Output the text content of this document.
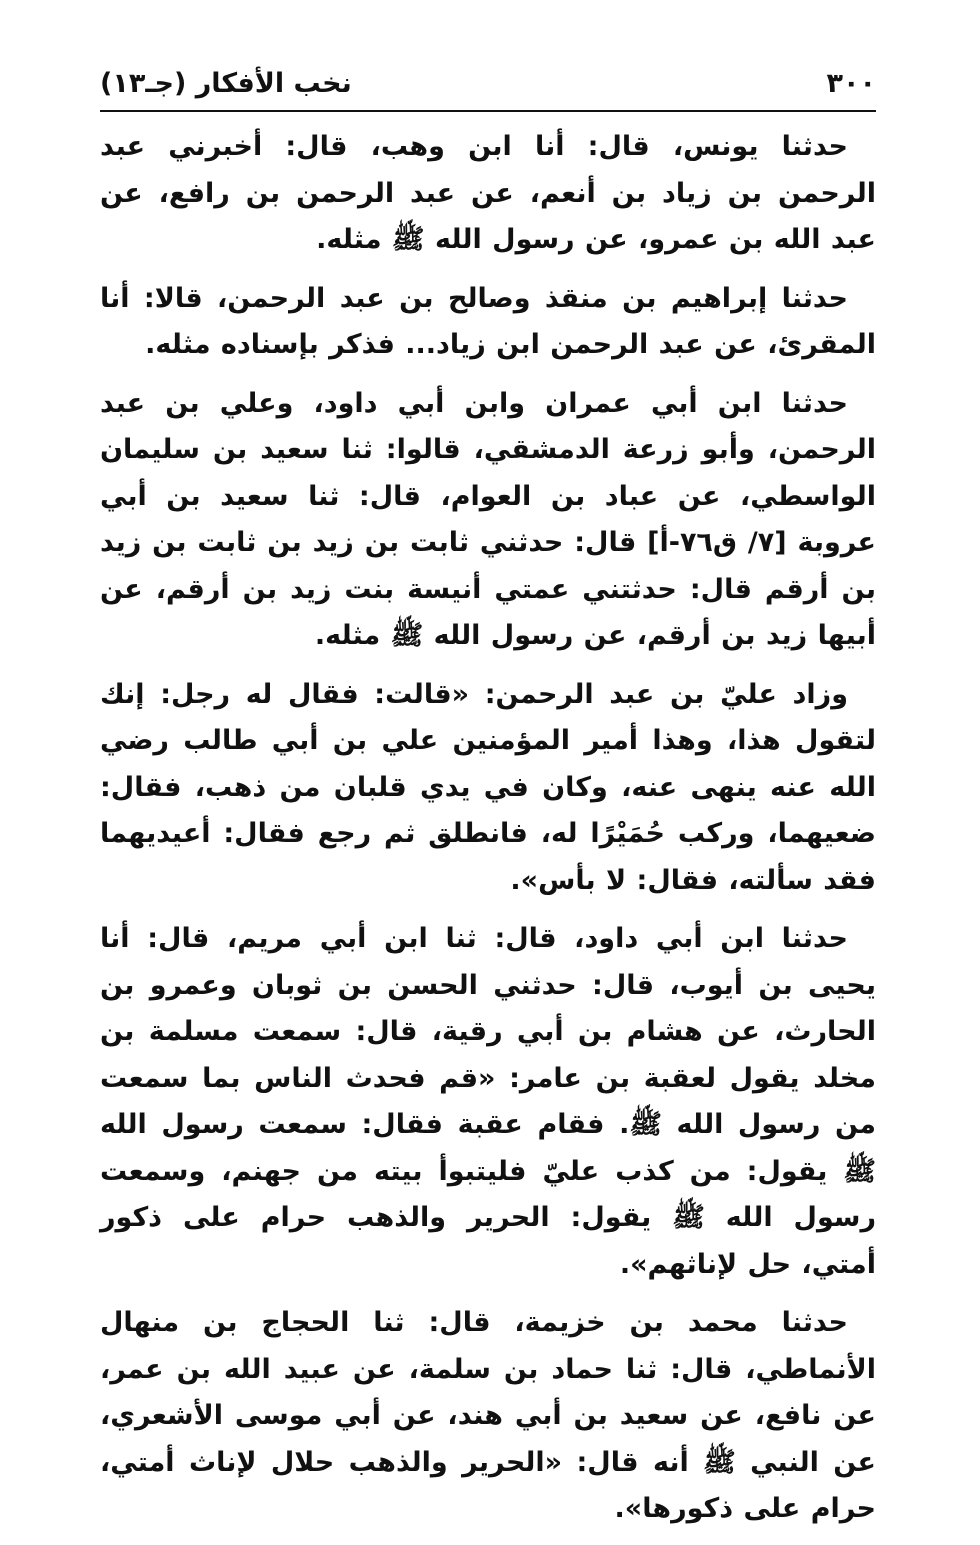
٣٠٠
نخب الأفكار (جـ١٣)

حدثنا يونس، قال: أنا ابن وهب، قال: أخبرني عبد الرحمن بن زياد بن أنعم، عن عبد الرحمن بن رافع، عن عبد الله بن عمرو، عن رسول الله ﷺ مثله.

حدثنا إبراهيم بن منقذ وصالح بن عبد الرحمن، قالا: أنا المقرئ، عن عبد الرحمن ابن زياد... فذكر بإسناده مثله.

حدثنا ابن أبي عمران وابن أبي داود، وعلي بن عبد الرحمن، وأبو زرعة الدمشقي، قالوا: ثنا سعيد بن سليمان الواسطي، عن عباد بن العوام، قال: ثنا سعيد بن أبي عروبة [٧/ ق٧٦-أ] قال: حدثني ثابت بن زيد بن ثابت بن زيد بن أرقم قال: حدثتني عمتي أنيسة بنت زيد بن أرقم، عن أبيها زيد بن أرقم، عن رسول الله ﷺ مثله.

وزاد عليّ بن عبد الرحمن: «قالت: فقال له رجل: إنك لتقول هذا، وهذا أمير المؤمنين علي بن أبي طالب رضي الله عنه ينهى عنه، وكان في يدي قلبان من ذهب، فقال: ضعيهما، وركب حُمَيْرًا له، فانطلق ثم رجع فقال: أعيديهما فقد سألته، فقال: لا بأس».

حدثنا ابن أبي داود، قال: ثنا ابن أبي مريم، قال: أنا يحيى بن أيوب، قال: حدثني الحسن بن ثوبان وعمرو بن الحارث، عن هشام بن أبي رقية، قال: سمعت مسلمة بن مخلد يقول لعقبة بن عامر: «قم فحدث الناس بما سمعت من رسول الله ﷺ. فقام عقبة فقال: سمعت رسول الله ﷺ يقول: من كذب عليّ فليتبوأ بيته من جهنم، وسمعت رسول الله ﷺ يقول: الحرير والذهب حرام على ذكور أمتي، حل لإناثهم».

حدثنا محمد بن خزيمة، قال: ثنا الحجاج بن منهال الأنماطي، قال: ثنا حماد بن سلمة، عن عبيد الله بن عمر، عن نافع، عن سعيد بن أبي هند، عن أبي موسى الأشعري، عن النبي ﷺ أنه قال: «الحرير والذهب حلال لإناث أمتي، حرام على ذكورها».
